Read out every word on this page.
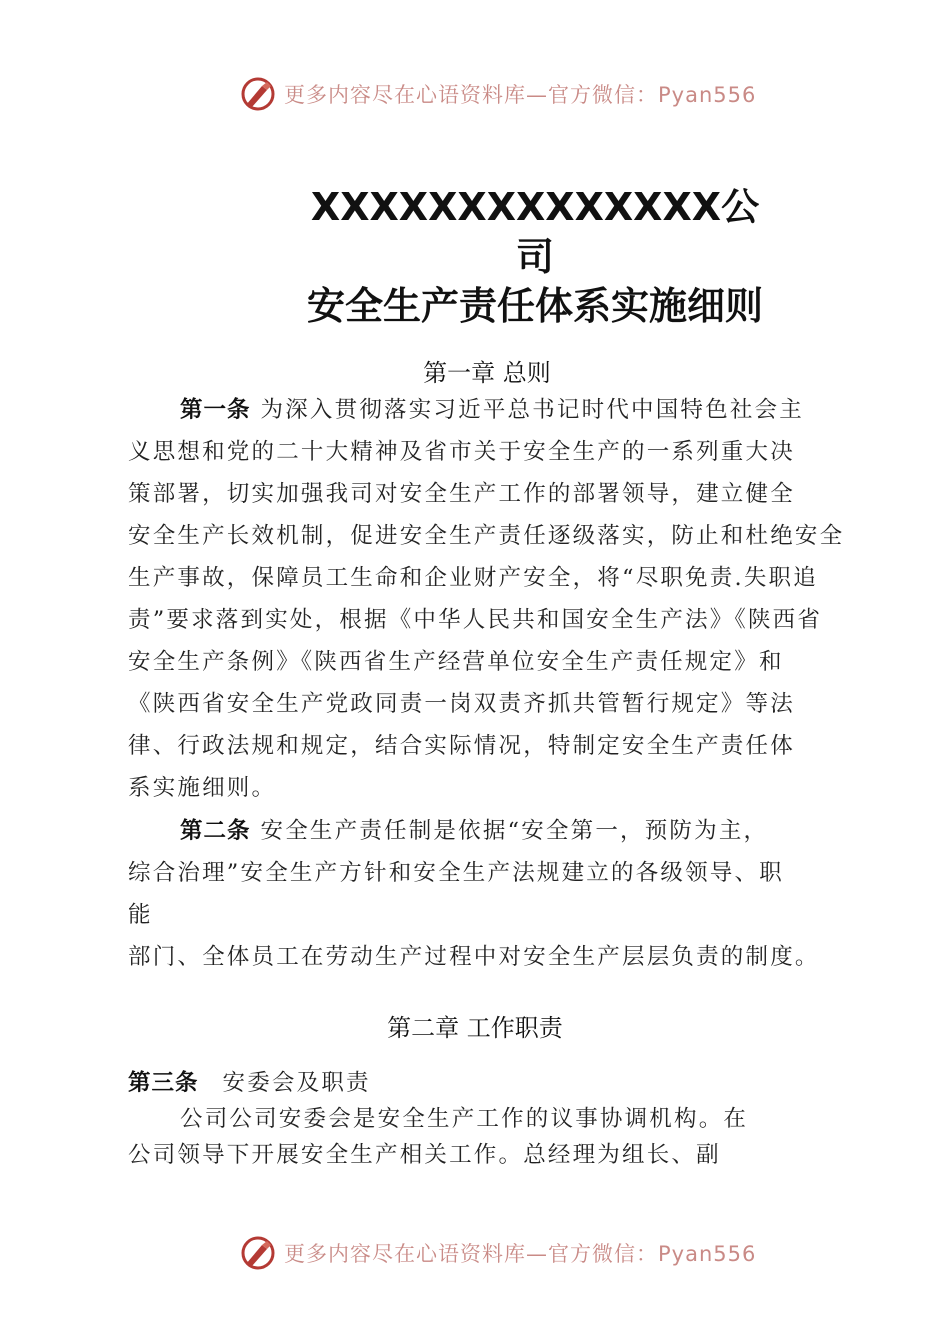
更多内容尽在心语资料库—官方微信：Pyan556
XXXXXXXXXXXXXX公
司
安全生产责任体系实施细则
第一章 总则
第一条 为深入贯彻落实习近平总书记时代中国特色社会主
义思想和党的二十大精神及省市关于安全生产的一系列重大决
策部署，切实加强我司对安全生产工作的部署领导，建立健全
安全生产长效机制，促进安全生产责任逐级落实，防止和杜绝安全
生产事故，保障员工生命和企业财产安全，将“尽职免责.失职追
责”要求落到实处，根据《中华人民共和国安全生产法》《陕西省
安全生产条例》《陕西省生产经营单位安全生产责任规定》和
《陕西省安全生产党政同责一岗双责齐抓共管暂行规定》等法
律、行政法规和规定，结合实际情况，特制定安全生产责任体
系实施细则。
第二条 安全生产责任制是依据“安全第一，预防为主，
综合治理”安全生产方针和安全生产法规建立的各级领导、职
能
部门、全体员工在劳动生产过程中对安全生产层层负责的制度。
第二章 工作职责
第三条 安委会及职责
公司公司安委会是安全生产工作的议事协调机构。在
公司领导下开展安全生产相关工作。总经理为组长、副
更多内容尽在心语资料库—官方微信：Pyan556
